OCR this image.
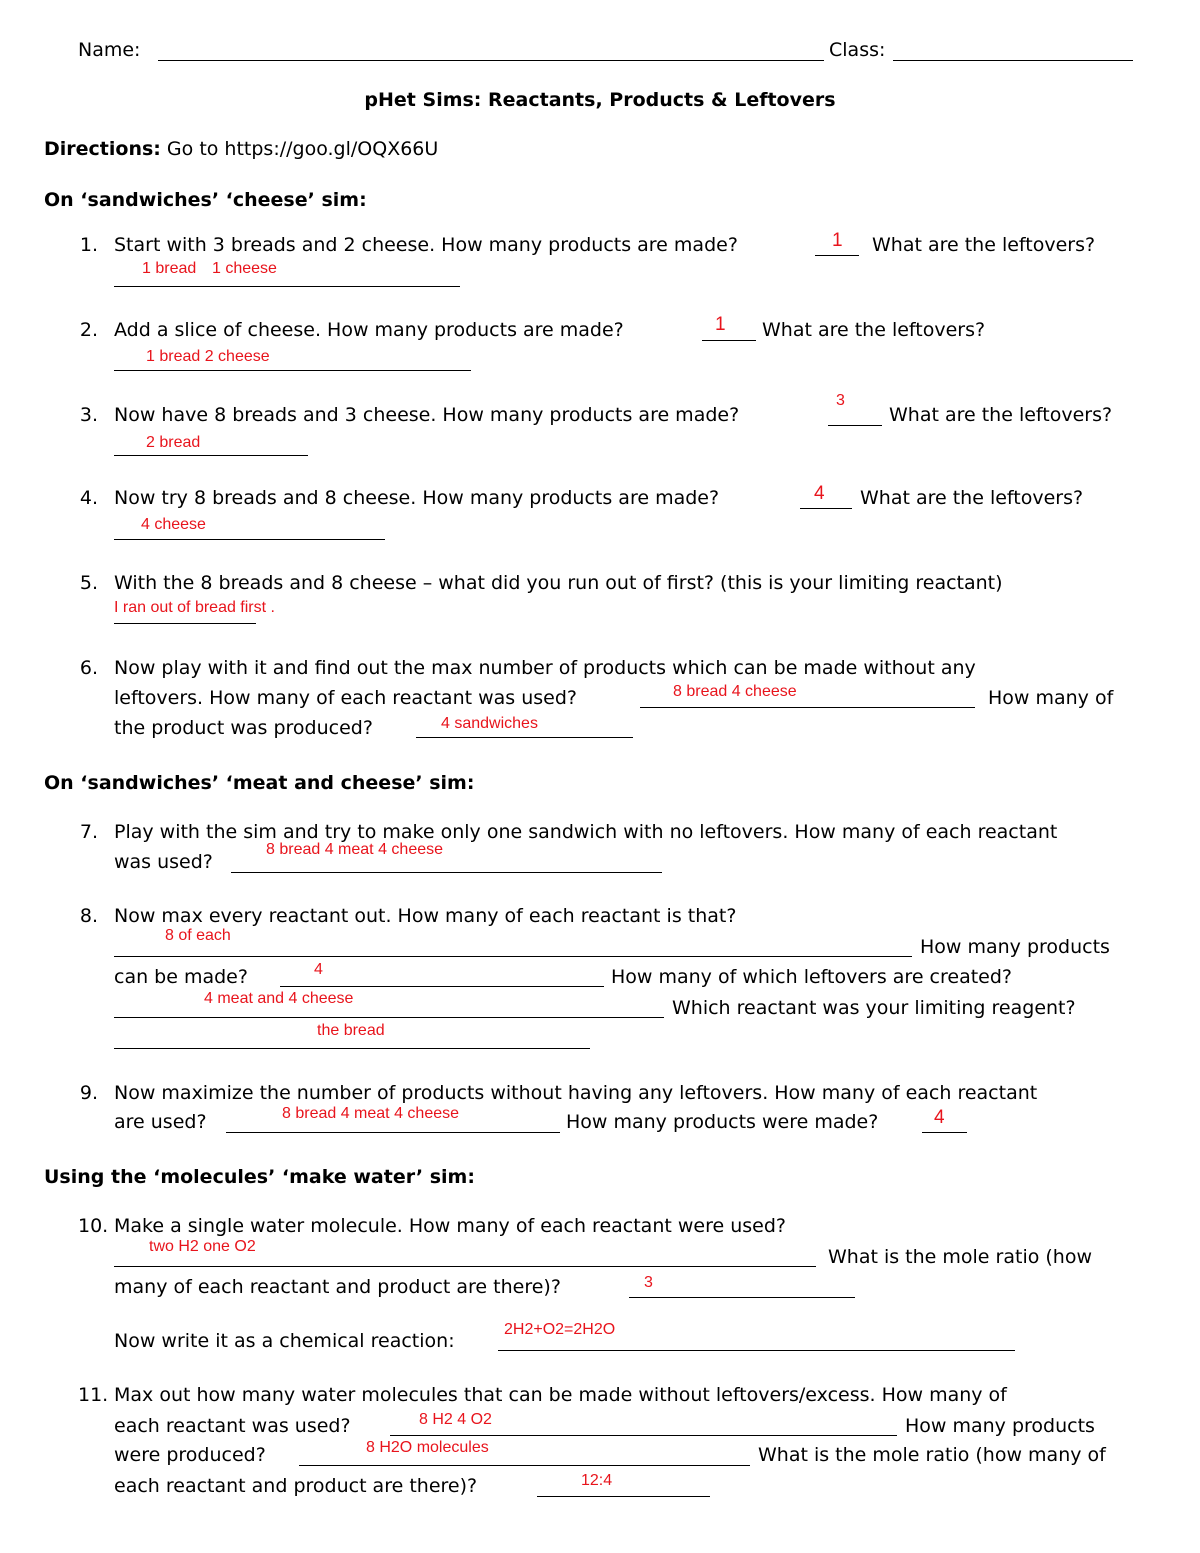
Name:	Class:
pHet Sims: Reactants, Products & Leftovers
Directions: Go to https://goo.gl/OQX66U
On ‘sandwiches’ ‘cheese’ sim:
1. Start with 3 breads and 2 cheese. How many products are made?	1 What are the leftovers?
1 bread 1 cheese
2. Add a slice of cheese. How many products are made?	1 What are the leftovers?
1 bread 2 cheese
3. Now have 8 breads and 3 cheese. How many products are made?
3
What are the leftovers?
2 bread
4. Now try 8 breads and 8 cheese. How many products are made?	4 What are the leftovers?
4 cheese
5. With the 8 breads and 8 cheese – what did you run out of first? (this is your limiting reactant)
I ran out of bread first .
6. Now play with it and find out the max number of products which can be made without any
leftovers. How many of each reactant was used?	8 bread 4 cheese	How many of
the product was produced?	4 sandwiches
On ‘sandwiches’ ‘meat and cheese’ sim:
7. Play with the sim and try to make only one sandwich with no leftovers. How many of each reactant
was used?
8 bread 4 meat 4 cheese
8. Now max every reactant out. How many of each reactant is that?
8 of each
How many products
can be made?	4	How many of which leftovers are created?
4 meat and 4 cheese	Which reactant was your limiting reagent?
the bread
9. Now maximize the number of products without having any leftovers. How many of each reactant
are used?	8 bread 4 meat 4 cheese	How many products were made?	4
Using the ‘molecules’ ‘make water’ sim:
10. Make a single water molecule. How many of each reactant were used?
two H2 one O2	What is the mole ratio (how
many of each reactant and product are there)?	3
Now write it as a chemical reaction:
2H2+O2=2H2O
11. Max out how many water molecules that can be made without leftovers/excess. How many of
each reactant was used?	8 H2 4 O2	How many products
were produced?	8 H2O molecules	What is the mole ratio (how many of
each reactant and product are there)?	12:4
